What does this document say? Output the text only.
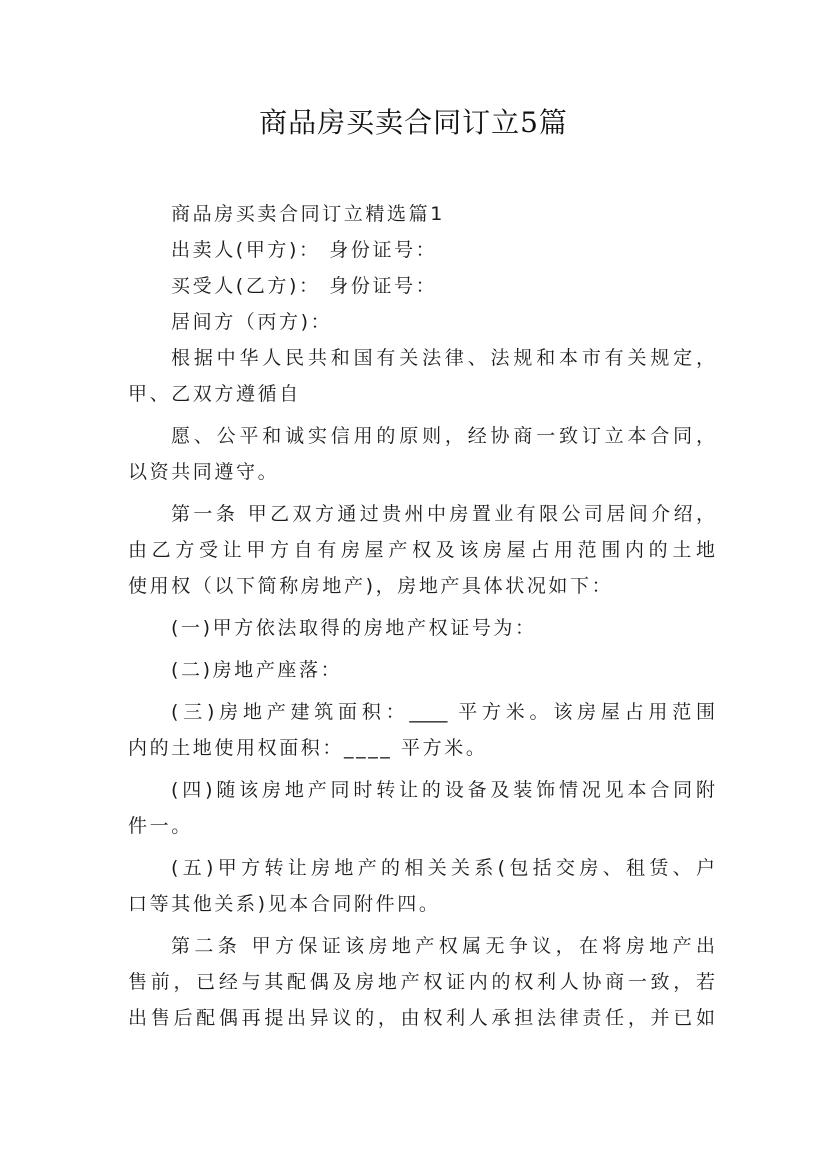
商品房买卖合同订立5篇
商品房买卖合同订立精选篇1
出卖人(甲方)： 身份证号：
买受人(乙方)： 身份证号：
居间方（丙方)：
根据中华人民共和国有关法律、法规和本市有关规定，
甲、乙双方遵循自
愿、公平和诚实信用的原则，经协商一致订立本合同，
以资共同遵守。
第一条 甲乙双方通过贵州中房置业有限公司居间介绍，
由乙方受让甲方自有房屋产权及该房屋占用范围内的土地
使用权（以下简称房地产)，房地产具体状况如下：
(一)甲方依法取得的房地产权证号为：
(二)房地产座落：
(三)房地产建筑面积：____ 平方米。该房屋占用范围
内的土地使用权面积：____ 平方米。
(四)随该房地产同时转让的设备及装饰情况见本合同附
件一。
(五)甲方转让房地产的相关关系(包括交房、租赁、户
口等其他关系)见本合同附件四。
第二条 甲方保证该房地产权属无争议，在将房地产出
售前，已经与其配偶及房地产权证内的权利人协商一致，若
出售后配偶再提出异议的，由权利人承担法律责任，并已如
